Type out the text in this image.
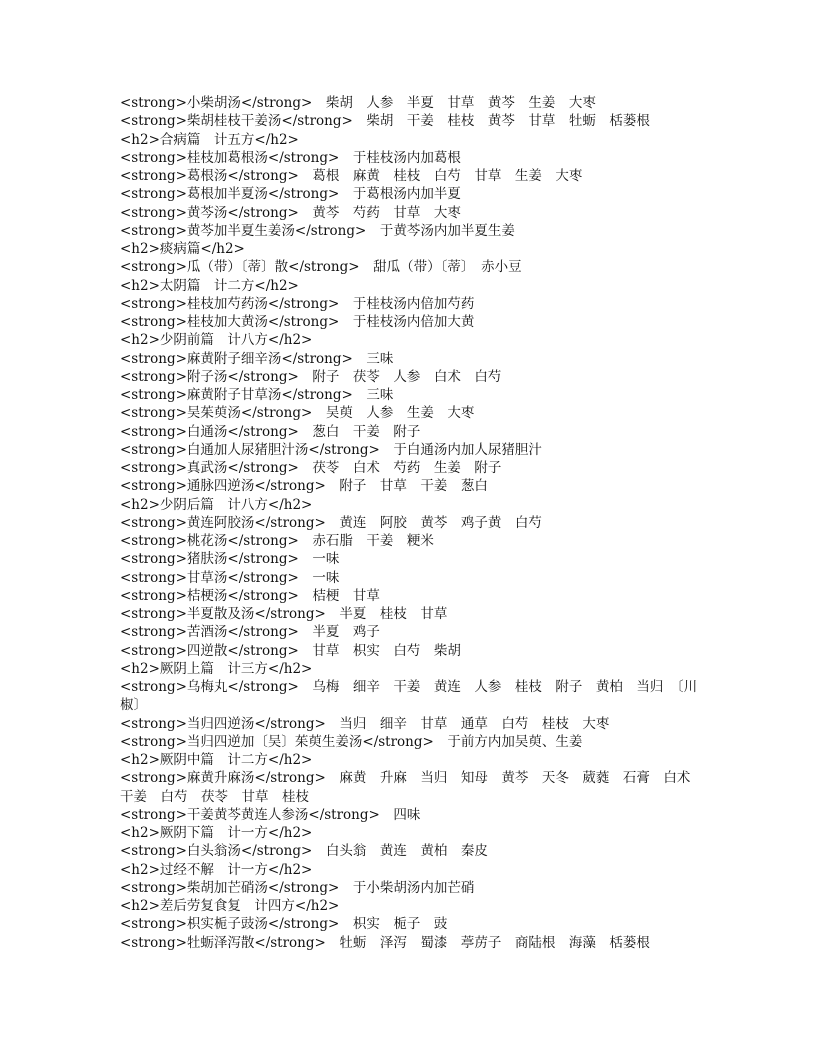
<strong>小柴胡汤</strong>　柴胡　人参　半夏　甘草　黄芩　生姜　大枣
<strong>柴胡桂枝干姜汤</strong>　柴胡　干姜　桂枝　黄芩　甘草　牡蛎　栝蒌根
<h2>合病篇　计五方</h2>
<strong>桂枝加葛根汤</strong>　于桂枝汤内加葛根
<strong>葛根汤</strong>　葛根　麻黄　桂枝　白芍　甘草　生姜　大枣
<strong>葛根加半夏汤</strong>　于葛根汤内加半夏
<strong>黄芩汤</strong>　黄芩　芍药　甘草　大枣
<strong>黄芩加半夏生姜汤</strong>　于黄芩汤内加半夏生姜
<h2>痰病篇</h2>
<strong>瓜（带）〔蒂〕散</strong>　甜瓜（带）〔蒂〕　赤小豆
<h2>太阴篇　计二方</h2>
<strong>桂枝加芍药汤</strong>　于桂枝汤内倍加芍药
<strong>桂枝加大黄汤</strong>　于桂枝汤内倍加大黄
<h2>少阴前篇　计八方</h2>
<strong>麻黄附子细辛汤</strong>　三味
<strong>附子汤</strong>　附子　茯苓　人参　白术　白芍
<strong>麻黄附子甘草汤</strong>　三味
<strong>吴茱萸汤</strong>　吴萸　人参　生姜　大枣
<strong>白通汤</strong>　葱白　干姜　附子
<strong>白通加人尿猪胆汁汤</strong>　于白通汤内加人尿猪胆汁
<strong>真武汤</strong>　茯苓　白术　芍药　生姜　附子
<strong>通脉四逆汤</strong>　附子　甘草　干姜　葱白
<h2>少阴后篇　计八方</h2>
<strong>黄连阿胶汤</strong>　黄连　阿胶　黄芩　鸡子黄　白芍
<strong>桃花汤</strong>　赤石脂　干姜　粳米
<strong>猪肤汤</strong>　一味
<strong>甘草汤</strong>　一味
<strong>桔梗汤</strong>　桔梗　甘草
<strong>半夏散及汤</strong>　半夏　桂枝　甘草
<strong>苦酒汤</strong>　半夏　鸡子
<strong>四逆散</strong>　甘草　枳实　白芍　柴胡
<h2>厥阴上篇　计三方</h2>
<strong>乌梅丸</strong>　乌梅　细辛　干姜　黄连　人参　桂枝　附子　黄柏　当归　〔川
椒〕
<strong>当归四逆汤</strong>　当归　细辛　甘草　通草　白芍　桂枝　大枣
<strong>当归四逆加〔吴〕茱萸生姜汤</strong>　于前方内加吴萸、生姜
<h2>厥阴中篇　计二方</h2>
<strong>麻黄升麻汤</strong>　麻黄　升麻　当归　知母　黄芩　天冬　葳蕤　石膏　白术
干姜　白芍　茯苓　甘草　桂枝
<strong>干姜黄芩黄连人参汤</strong>　四味
<h2>厥阴下篇　计一方</h2>
<strong>白头翁汤</strong>　白头翁　黄连　黄柏　秦皮
<h2>过经不解　计一方</h2>
<strong>柴胡加芒硝汤</strong>　于小柴胡汤内加芒硝
<h2>差后劳复食复　计四方</h2>
<strong>枳实栀子豉汤</strong>　枳实　栀子　豉
<strong>牡蛎泽泻散</strong>　牡蛎　泽泻　蜀漆　葶苈子　商陆根　海藻　栝蒌根
